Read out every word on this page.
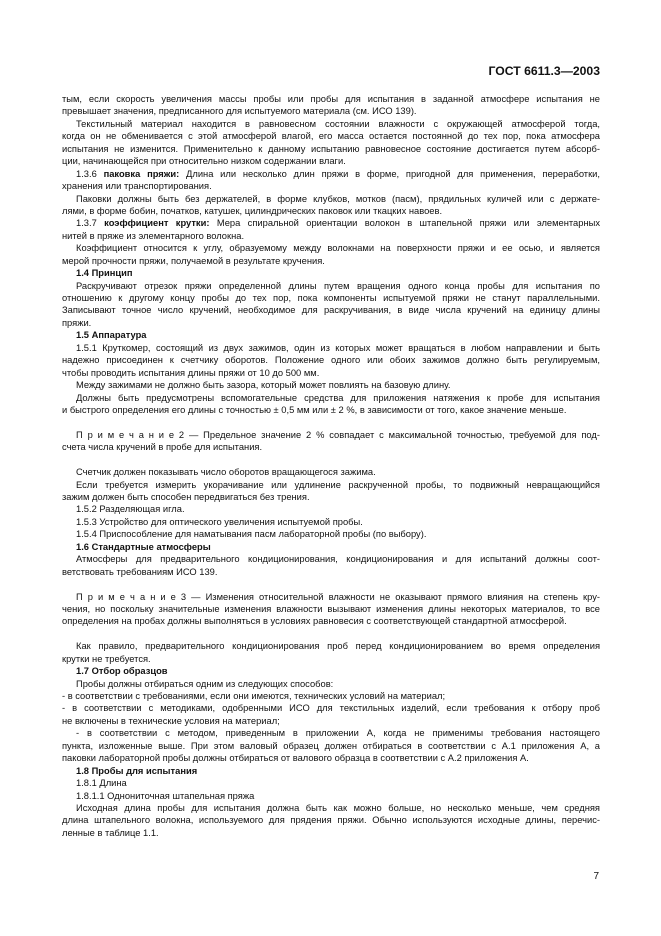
ГОСТ 6611.3—2003
тым, если скорость увеличения массы пробы или пробы для испытания в заданной атмосфере испытания не
превышает значения, предписанного для испытуемого материала (см. ИСО 139).
Текстильный материал находится в равновесном состоянии влажности с окружающей атмосферой тогда,
когда он не обменивается с этой атмосферой влагой, его масса остается постоянной до тех пор, пока атмосфера
испытания не изменится. Применительно к данному испытанию равновесное состояние достигается путем абсорб-
ции, начинающейся при относительно низком содержании влаги.
1.3.6 паковка пряжи: Длина или несколько длин пряжи в форме, пригодной для применения, переработки,
хранения или транспортирования.
Паковки должны быть без держателей, в форме клубков, мотков (пасм), прядильных куличей или с держате-
лями, в форме бобин, початков, катушек, цилиндрических паковок или ткацких навоев.
1.3.7 коэффициент крутки: Мера спиральной ориентации волокон в штапельной пряжи или элементарных
нитей в пряже из элементарного волокна.
Коэффициент относится к углу, образуемому между волокнами на поверхности пряжи и ее осью, и является
мерой прочности пряжи, получаемой в результате кручения.
1.4 Принцип
Раскручивают отрезок пряжи определенной длины путем вращения одного конца пробы для испытания по
отношению к другому концу пробы до тех пор, пока компоненты испытуемой пряжи не станут параллельными.
Записывают точное число кручений, необходимое для раскручивания, в виде числа кручений на единицу длины
пряжи.
1.5 Аппаратура
1.5.1 Круткомер, состоящий из двух зажимов, один из которых может вращаться в любом направлении и быть
надежно присоединен к счетчику оборотов. Положение одного или обоих зажимов должно быть регулируемым,
чтобы проводить испытания длины пряжи от 10 до 500 мм.
Между зажимами не должно быть зазора, который может повлиять на базовую длину.
Должны быть предусмотрены вспомогательные средства для приложения натяжения к пробе для испытания
и быстрого определения его длины с точностью ± 0,5 мм или ± 2 %, в зависимости от того, какое значение меньше.
П р и м е ч а н и е 2 — Предельное значение 2 % совпадает с максимальной точностью, требуемой для под-
счета числа кручений в пробе для испытания.
Счетчик должен показывать число оборотов вращающегося зажима.
Если требуется измерить укорачивание или удлинение раскрученной пробы, то подвижный невращающийся
зажим должен быть способен передвигаться без трения.
1.5.2 Разделяющая игла.
1.5.3 Устройство для оптического увеличения испытуемой пробы.
1.5.4 Приспособление для наматывания пасм лабораторной пробы (по выбору).
1.6 Стандартные атмосферы
Атмосферы для предварительного кондиционирования, кондиционирования и для испытаний должны соот-
ветствовать требованиям ИСО 139.
П р и м е ч а н и е 3 — Изменения относительной влажности не оказывают прямого влияния на степень кру-
чения, но поскольку значительные изменения влажности вызывают изменения длины некоторых материалов, то все
определения на пробах должны выполняться в условиях равновесия с соответствующей стандартной атмосферой.
Как правило, предварительного кондиционирования проб перед кондиционированием во время определения
крутки не требуется.
1.7 Отбор образцов
Пробы должны отбираться одним из следующих способов:
- в соответствии с требованиями, если они имеются, технических условий на материал;
- в соответствии с методиками, одобренными ИСО для текстильных изделий, если требования к отбору проб
не включены в технические условия на материал;
- в соответствии с методом, приведенным в приложении А, когда не применимы требования настоящего
пункта, изложенные выше. При этом валовый образец должен отбираться в соответствии с А.1 приложения А, а
паковки лабораторной пробы должны отбираться от валового образца в соответствии с А.2 приложения А.
1.8 Пробы для испытания
1.8.1 Длина
1.8.1.1 Однониточная штапельная пряжа
Исходная длина пробы для испытания должна быть как можно больше, но несколько меньше, чем средняя
длина штапельного волокна, используемого для прядения пряжи. Обычно используются исходные длины, перечис-
ленные в таблице 1.1.
7
